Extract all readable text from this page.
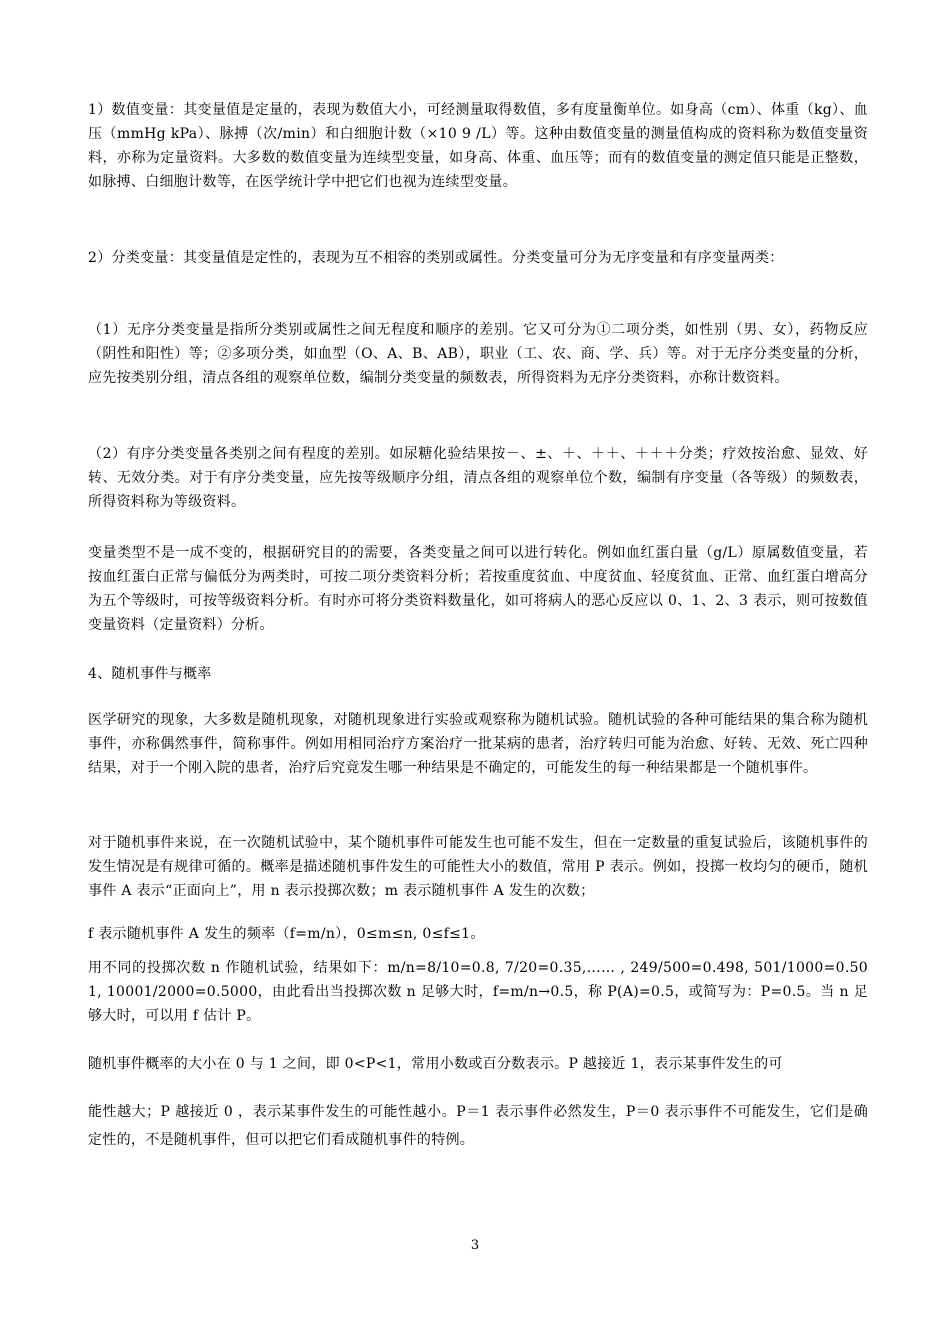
1）数值变量：其变量值是定量的，表现为数值大小，可经测量取得数值，多有度量衡单位。如身高（cm）、体重（kg）、血压（mmHg kPa）、脉搏（次/min）和白细胞计数（×10 9 /L）等。这种由数值变量的测量值构成的资料称为数值变量资料，亦称为定量资料。大多数的数值变量为连续型变量，如身高、体重、血压等；而有的数值变量的测定值只能是正整数，如脉搏、白细胞计数等，在医学统计学中把它们也视为连续型变量。

2）分类变量：其变量值是定性的，表现为互不相容的类别或属性。分类变量可分为无序变量和有序变量两类：

（1）无序分类变量是指所分类别或属性之间无程度和顺序的差别。它又可分为①二项分类，如性别（男、女），药物反应（阴性和阳性）等；②多项分类，如血型（O、A、B、AB），职业（工、农、商、学、兵）等。对于无序分类变量的分析，应先按类别分组，清点各组的观察单位数，编制分类变量的频数表，所得资料为无序分类资料，亦称计数资料。

（2）有序分类变量各类别之间有程度的差别。如尿糖化验结果按－、±、＋、＋＋、＋＋＋分类；疗效按治愈、显效、好转、无效分类。对于有序分类变量，应先按等级顺序分组，清点各组的观察单位个数，编制有序变量（各等级）的频数表，所得资料称为等级资料。

变量类型不是一成不变的，根据研究目的的需要，各类变量之间可以进行转化。例如血红蛋白量（g/L）原属数值变量，若按血红蛋白正常与偏低分为两类时，可按二项分类资料分析；若按重度贫血、中度贫血、轻度贫血、正常、血红蛋白增高分为五个等级时，可按等级资料分析。有时亦可将分类资料数量化，如可将病人的恶心反应以 0、1、2、3 表示，则可按数值变量资料（定量资料）分析。

4、随机事件与概率

医学研究的现象，大多数是随机现象，对随机现象进行实验或观察称为随机试验。随机试验的各种可能结果的集合称为随机事件，亦称偶然事件，简称事件。例如用相同治疗方案治疗一批某病的患者，治疗转归可能为治愈、好转、无效、死亡四种结果，对于一个刚入院的患者，治疗后究竟发生哪一种结果是不确定的，可能发生的每一种结果都是一个随机事件。

对于随机事件来说，在一次随机试验中，某个随机事件可能发生也可能不发生，但在一定数量的重复试验后，该随机事件的发生情况是有规律可循的。概率是描述随机事件发生的可能性大小的数值，常用 P 表示。例如，投掷一枚均匀的硬币，随机事件 A 表示“正面向上”，用 n 表示投掷次数；m 表示随机事件 A 发生的次数；

f 表示随机事件 A 发生的频率（f=m/n），0≤m≤n, 0≤f≤1。

用不同的投掷次数 n 作随机试验，结果如下：m/n=8/10=0.8, 7/20=0.35,…… , 249/500=0.498, 501/1000=0.501, 10001/2000=0.5000，由此看出当投掷次数 n 足够大时，f=m/n→0.5，称 P(A)=0.5，或简写为：P=0.5。当 n 足够大时，可以用 f 估计 P。

随机事件概率的大小在 0 与 1 之间，即 0<P<1，常用小数或百分数表示。P 越接近 1，表示某事件发生的可

能性越大；P 越接近 0 ，表示某事件发生的可能性越小。P＝1 表示事件必然发生，P＝0 表示事件不可能发生，它们是确定性的，不是随机事件，但可以把它们看成随机事件的特例。

3
